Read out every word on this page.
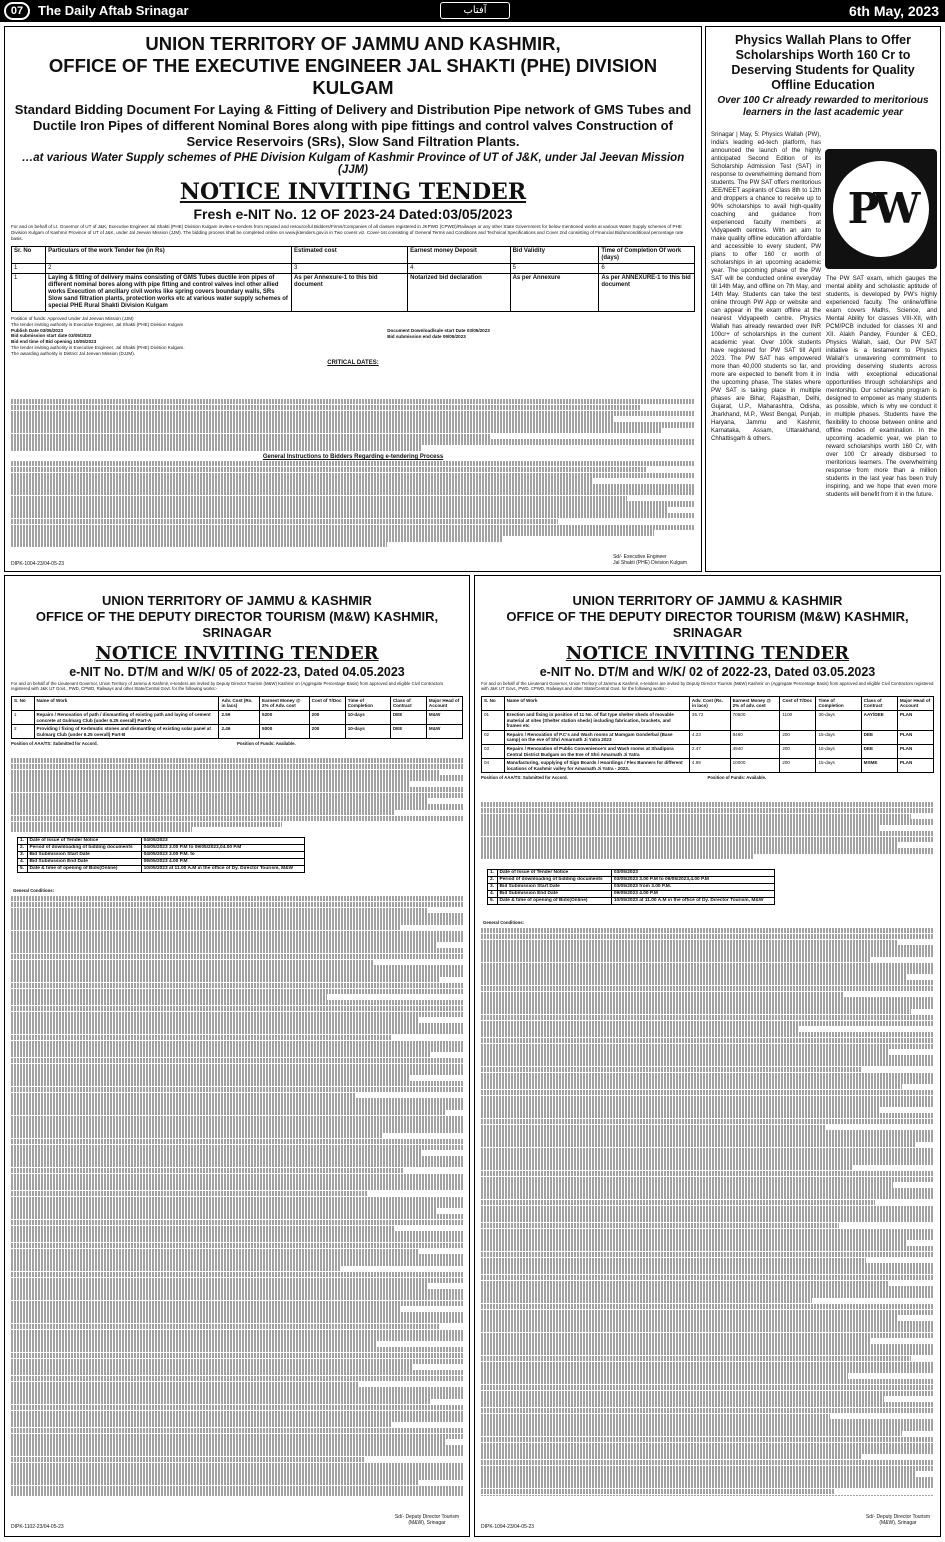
07	The Daily Aftab Srinagar	آفتاب	6th May, 2023
UNION TERRITORY OF JAMMU AND KASHMIR,
OFFICE OF THE EXECUTIVE ENGINEER JAL SHAKTI (PHE) DIVISION KULGAM
Standard Bidding Document For Laying & Fitting of Delivery and Distribution Pipe network of GMS Tubes and Ductile Iron Pipes of different Nominal Bores along with pipe fittings and control valves Construction of Service Reservoirs (SRs), Slow Sand Filtration Plants.
…at various Water Supply schemes of PHE Division Kulgam of Kashmir Province of UT of J&K, under Jal Jeevan Mission (JJM)
NOTICE INVITING TENDER
Fresh e-NIT No. 12 OF 2023-24 Dated:03/05/2023
For and on behalf of Lt. Governor of UT of J&K, Executive Engineer Jal Shakti (PHE) Division Kulgam invites e-tenders from reputed and resourceful Bidders/Firms/Companies of all classes registered in JKPWD (CPWD)/Railways or any other State Government for below mentioned works at various Water Supply schemes of PHE Division Kulgam of Kashmir Province of UT of J&K, under Jal Jeevan Mission (JJM). The bidding process shall be completed online on www.jktenders.gov.in in Two covers viz. Cover-1st consisting of General Terms and Conditions and Technical Specifications and Cover 2nd consisting of Financial Bid/unconditional percentage rate basis.
Sr. No	Particulars of the work Tender fee (in Rs)	Estimated cost	Earnest money Deposit	Bid Validity	Time of Completion Of work (days)
1	2	3	4	5	6
1	Laying & fitting of delivery mains consisting of GMS Tubes ductile iron pipes of different nominal bores along with pipe fitting and control valves incl other allied works Execution of ancillary civil works like spring covers boundary walls, SRs Slow sand filtration plants, protection works etc at various water supply schemes of special PHE Rural Shakti Division Kulgam	As per Annexure-1 to this bid document	Notarized bid declaration	As per Annexure	As per ANNEXURE-1 to this bid document
Position of funds: Approved Under Jal Jeevan Mission (JJM)
The tender inviting authority is Executive Engineer, Jal Shakti (PHE) Division Kulgam
Publish Date 03/05/2023
Bid submission start date 03/05/2023
Bid end time of Bid opening 10/05/2023
The tender inviting authority is Executive Engineer, Jal Shakti (PHE) Division Kulgam.
The awarding authority is District Jal Jeevan Mission (DJJM).
Document Download/sale start Date 03/05/2023
Bid submission end date 09/05/2023
CRITICAL DATES:
General Instructions to Bidders Regarding e-tendering Process
Sd/- Executive Engineer
Jal Shakti (PHE) Division Kulgam
DIPK-1004-23/04-05-23
Physics Wallah Plans to Offer Scholarships Worth 160 Cr to Deserving Students for Quality Offline Education
Over 100 Cr already rewarded to meritorious learners in the last academic year
Srinagar | May, 5: Physics Wallah (PW), India's leading ed-tech platform, has announced the launch of the highly anticipated Second Edition of its Scholarship Admission Test (SAT) in response to overwhelming demand from students. The PW SAT offers meritorious JEE/NEET aspirants of Class 8th to 12th and droppers a chance to receive up to 90% scholarships to avail high-quality coaching and guidance from experienced faculty members at Vidyapeeth centres. With an aim to make quality offline education affordable and accessible to every student, PW plans to offer 160 cr worth of scholarships in an upcoming academic year. The upcoming phase of the PW SAT will be conducted online everyday till 14th May, and offline on 7th May, and 14th May. Students can take the test online through PW App or website and can appear in the exam offline at the nearest Vidyapeeth centre. Physics Wallah has already rewarded over INR 100cr+ of scholarships in the current academic year. Over 100k students have registered for PW SAT till April 2023. The PW SAT has empowered more than 40,000 students so far, and more are expected to benefit from it in the upcoming phase. The states where PW SAT is taking place in multiple phases are Bihar, Rajasthan, Delhi, Gujarat, U.P., Maharashtra, Odisha, Jharkhand, M.P., West Bengal, Punjab, Haryana, Jammu and Kashmir, Karnataka, Assam, Uttarakhand, Chhattisgarh & others.
PW
The PW SAT exam, which gauges the mental ability and scholastic aptitude of students, is developed by PW's highly experienced faculty. The online/offline exam covers Maths, Science, and Mental Ability for classes VIII-XII, with PCM/PCB included for classes XI and XII. Alakh Pandey, Founder & CEO, Physics Wallah, said, Our PW SAT initiative is a testament to Physics Wallah's unwavering commitment to providing deserving students across India with exceptional educational opportunities through scholarships and mentorship. Our scholarship program is designed to empower as many students as possible, which is why we conduct it in multiple phases. Students have the flexibility to choose between online and offline modes of examination. In the upcoming academic year, we plan to reward scholarships worth 160 Cr, with over 100 Cr already disbursed to meritorious learners. The overwhelming response from more than a million students in the last year has been truly inspiring, and we hope that even more students will benefit from it in the future.
UNION TERRITORY OF JAMMU & KASHMIR
OFFICE OF THE DEPUTY DIRECTOR TOURISM (M&W) KASHMIR, SRINAGAR
NOTICE INVITING TENDER
e-NIT No. DT/M and W/K/ 05 of 2022-23, Dated 04.05.2023
For and on behalf of the Lieutenant Governor, Union Territory of Jammu & Kashmir, e-tenders are invited by Deputy Director Tourism (M&W) Kashmir on (Aggregate Percentage Basis) from approved and eligible Civil Contractors registered with J&K UT Govt., PWD, CPWD, Railways and other State/Central Govt. for the following works:-
S. No	Name of Work	Adv. Cost (Rs. in lacs)	Earnest Money @ 2% of Adv. cost	Cost of T/Doc	Time of Completion	Class of Contract	Major Head of Account
1	Repairs / Renovation of path / dismantling of existing path and laying of cement concrete at Gulmarg Club (under 6.25 overall) Part-A	2.59	5200	200	10-days	DEE	M&W
2	Providing / fixing of Kerbmatic stones and dismantling of existing solar panel at Gulmarg Club (under 6.25 overall) Part-B	2.46	5000	200	10-days	DEE	M&W
Position of AAA/TS: Submitted for Accord.	Position of Funds: Available.
1.	Date of Issue of Tender Notice	04/05/2023
2.	Period of downloading of bidding documents	04/05/2023 3.00 P.M to 09/05/2023,04.00 P.M
3.	Bid Submission Start Date	04/05/2023 3.00 P.M. to
4.	Bid Submission End Date	09/05/2023 4.00 P.M
5.	Date & time of opening of Bids(Online)	10/05/2023 at 11.00 A.M in the office of Dy. Director Tourism, M&W
General Conditions:
Sd/- Deputy Director Tourism
(M&W), Srinagar
DIPK-1102-23/04-05-23
UNION TERRITORY OF JAMMU & KASHMIR
OFFICE OF THE DEPUTY DIRECTOR TOURISM (M&W) KASHMIR, SRINAGAR
NOTICE INVITING TENDER
e-NIT No. DT/M and W/K/ 02 of 2022-23, Dated 03.05.2023
For and on behalf of the Lieutenant Governor, Union Territory of Jammu & Kashmir, e-tenders are invited by Deputy Director Tourism (M&W) Kashmir on (Aggregate Percentage Basis) from approved and eligible Civil Contractors registered with J&K UT Govt., PWD, CPWD, Railways and other State/Central Govt. for the following works:-
S. No	Name of Work	Adv. Cost (Rs. in lacs)	Earnest Money @ 2% of adv. cost	Cost of T/Doc	Time of Completion	Class of Contract	Major Head of Account
01	Erection and fixing in position of 11 No. of flat type shelter sheds of movable material at sites (Shelter station sheds) including fabrication, brackets, and frames etc	35.72	70500	1100	30-days	AAY/DEE	PLAN
02	Repairs / Renovation of P.C's and Wash rooms at Mamgam Gonderbal (Base camp) on the eve of Shri Amarnath Ji Yatra 2023	4.23	8460	200	15-days	DEE	PLAN
03	Repairs / Renovation of Public Convenience's and Wash rooms at Shadipora Central District Budgam on the Eve of Shri Amarnath Ji Yatra	2.47	4940	200	15-days	DEE	PLAN
04	Manufacturing, supplying of Sign Boards / Hoardings / Flex Banners for different locations of Kashmir valley for Amarnath Ji Yatra - 2023.	4.99	10000	200	15-days	MSME	PLAN
Position of AAA/TS: Submitted for Accord.	Position of Funds: Available.
1.	Date of Issue of Tender Notice	03/05/2023
2.	Period of downloading of bidding documents	03/05/2023 3.00 P.M to 09/05/2023,4.00 P.M
3.	Bid Submission Start Date	03/05/2023 from 3.00 P.M.
4.	Bid Submission End Date	09/05/2023 4.00 P.M
5.	Date & time of opening of Bids(Online)	10/05/2023 at 11.00 A.M in the office of Dy. Director Tourism, M&W
General Conditions:
Sd/- Deputy Director Tourism
(M&W), Srinagar
DIPK-1094-23/04-05-23
